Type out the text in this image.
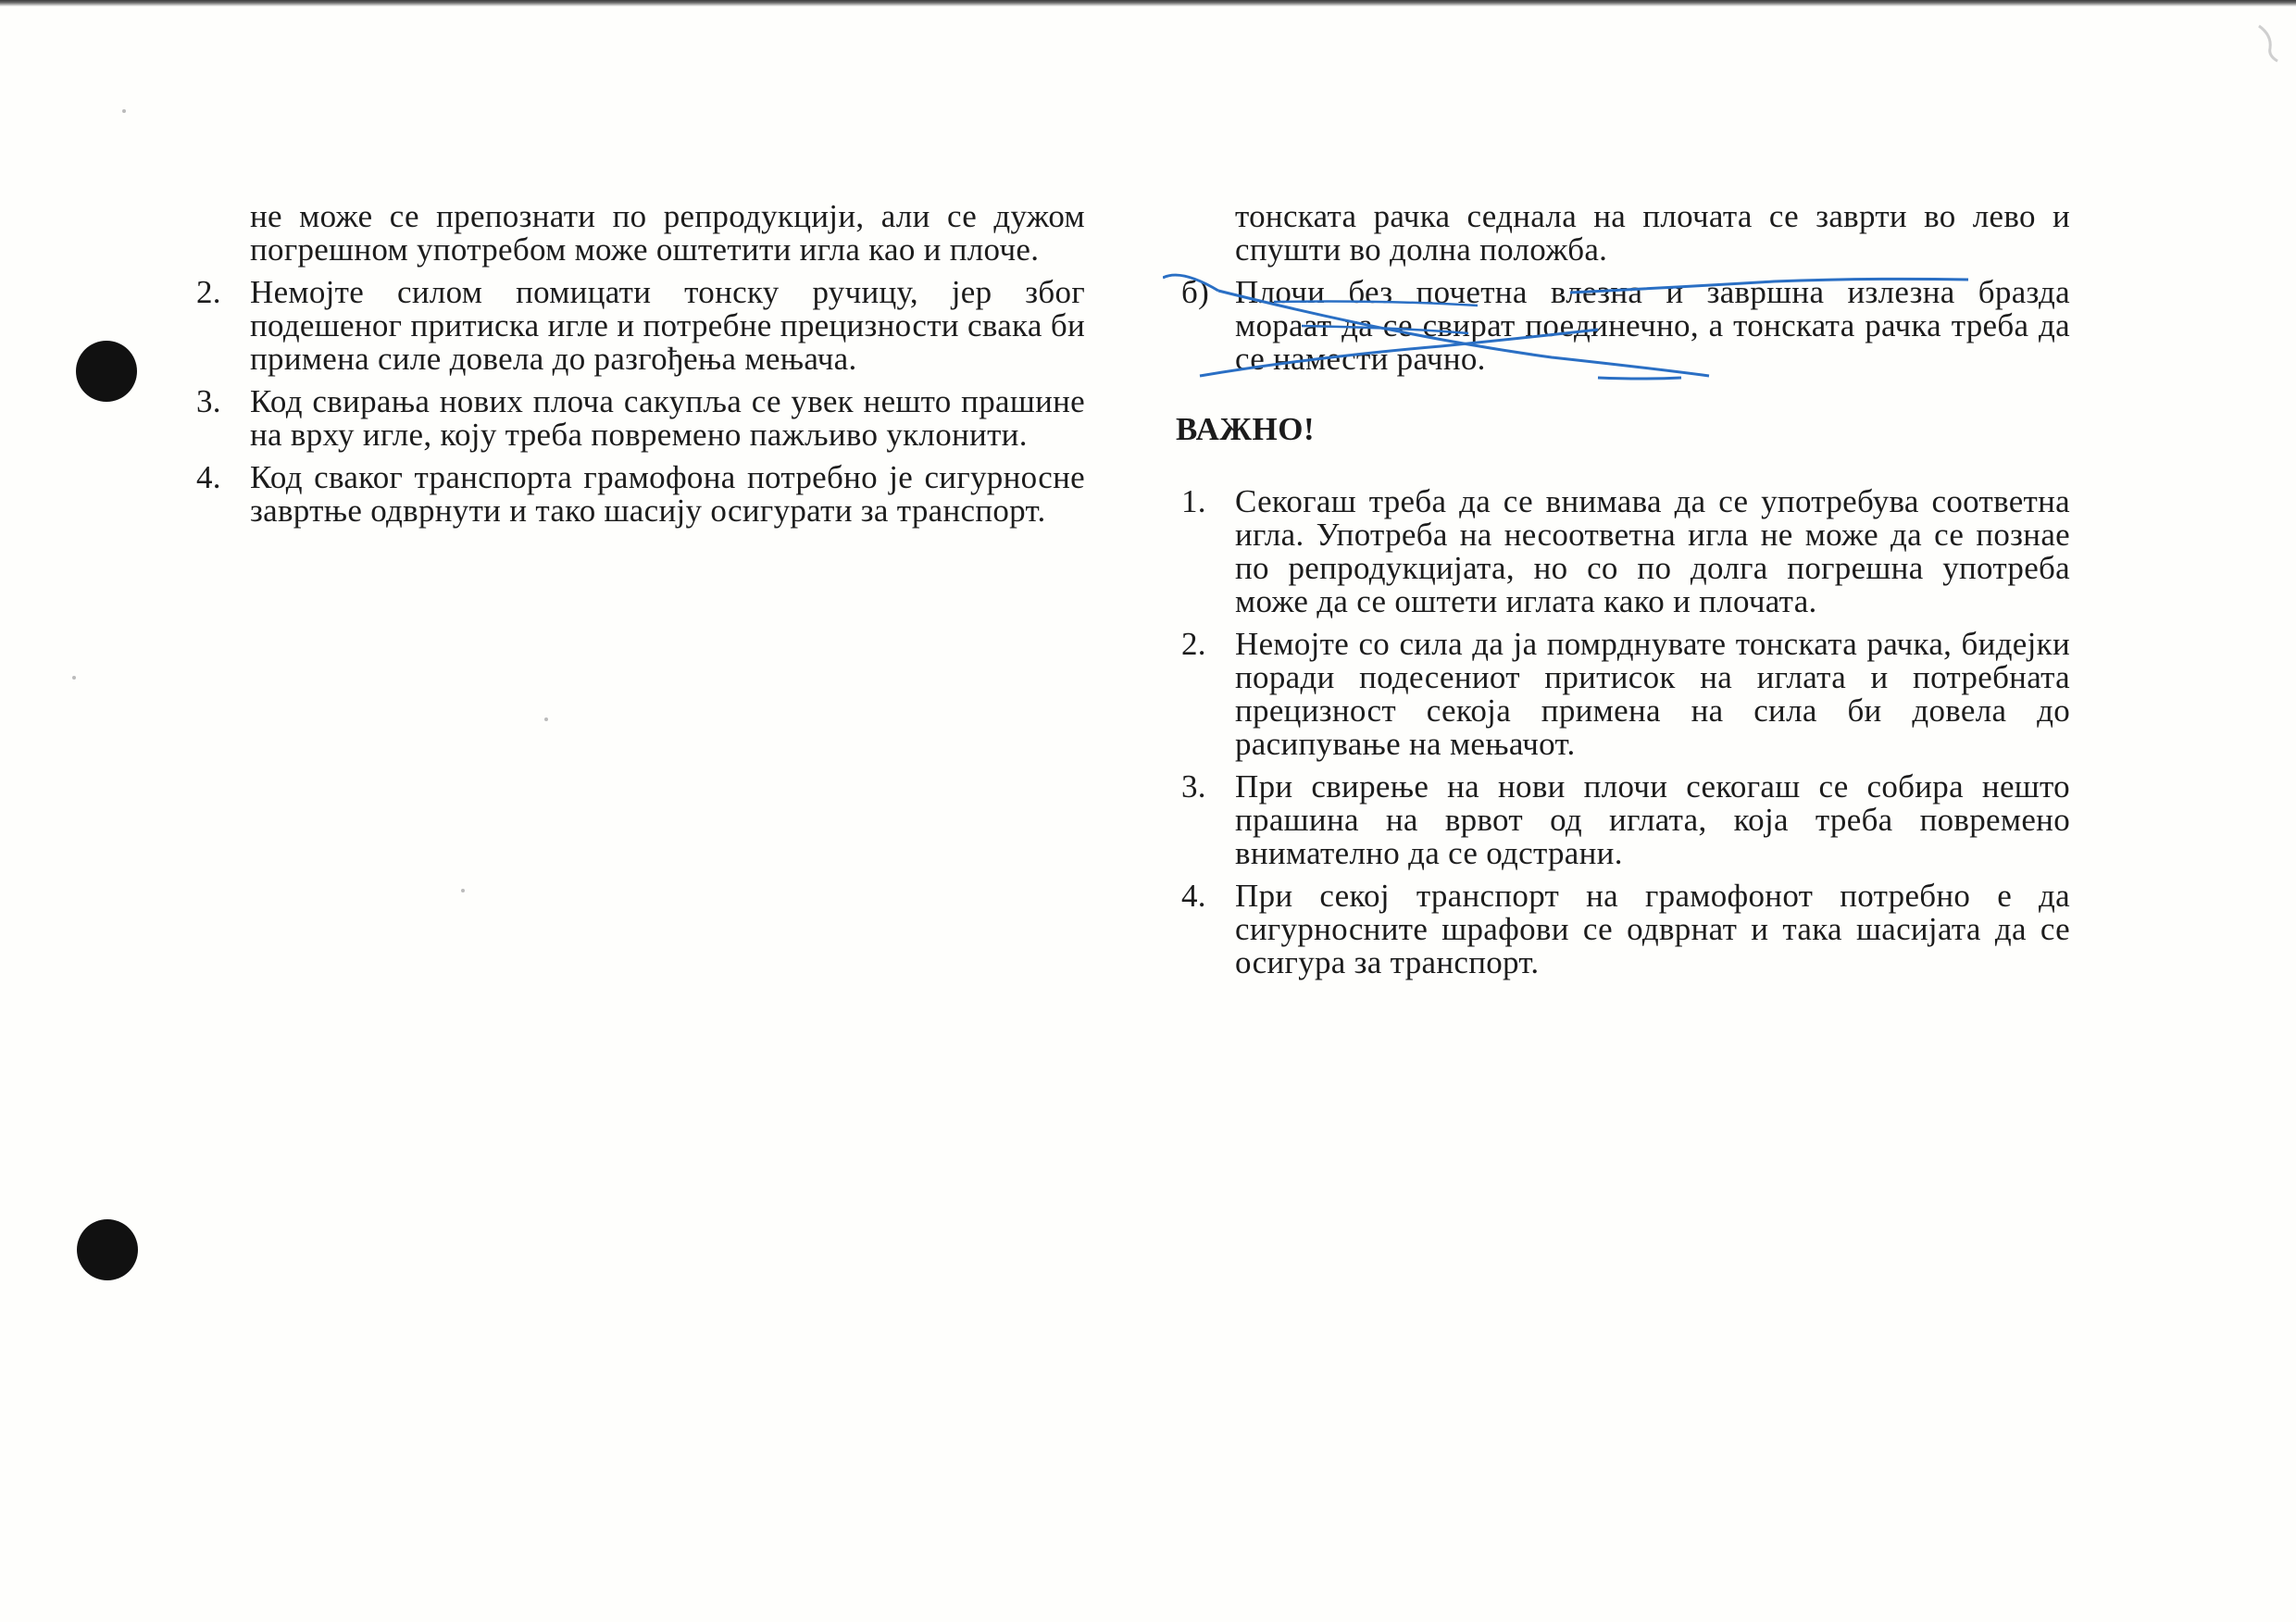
не може се препознати по репродукцији, али се дужом погрешном употребом може оштетити игла као и плоче.

2. Немојте силом помицати тонску ручицу, јер због подешеног притиска игле и потребне прецизности свака би примена силе довела до разгођења мењача.
3. Код свирања нових плоча сакупља се увек нешто прашине на врху игле, коју треба повремено пажљиво уклонити.
4. Код сваког транспорта грамофона потребно је сигурносне завртње одврнути и тако шасију осигурати за транспорт.

тонската рачка седнала на плочата се заврти во лево и спушти во долна положба.

б) Плочи без почетна влезна и завршна излезна бразда мораат да се свират поединечно, а тонската рачка треба да се намести рачно.
ВАЖНО!
1. Секогаш треба да се внимава да се употребува соответна игла. Употреба на несоответна игла не може да се познае по репродукцијата, но со по долга погрешна употреба може да се оштети иглата како и плочата.
2. Немојте со сила да ја помрднувате тонската рачка, бидејки поради подесениот притисок на иглата и потребната прецизност секоја примена на сила би довела до расипување на мењачот.
3. При свирење на нови плочи секогаш се собира нешто прашина на врвот од иглата, која треба повремено внимателно да се одстрани.
4. При секој транспорт на грамофонот потребно е да сигурносните шрафови се одврнат и така шасијата да се осигура за транспорт.
